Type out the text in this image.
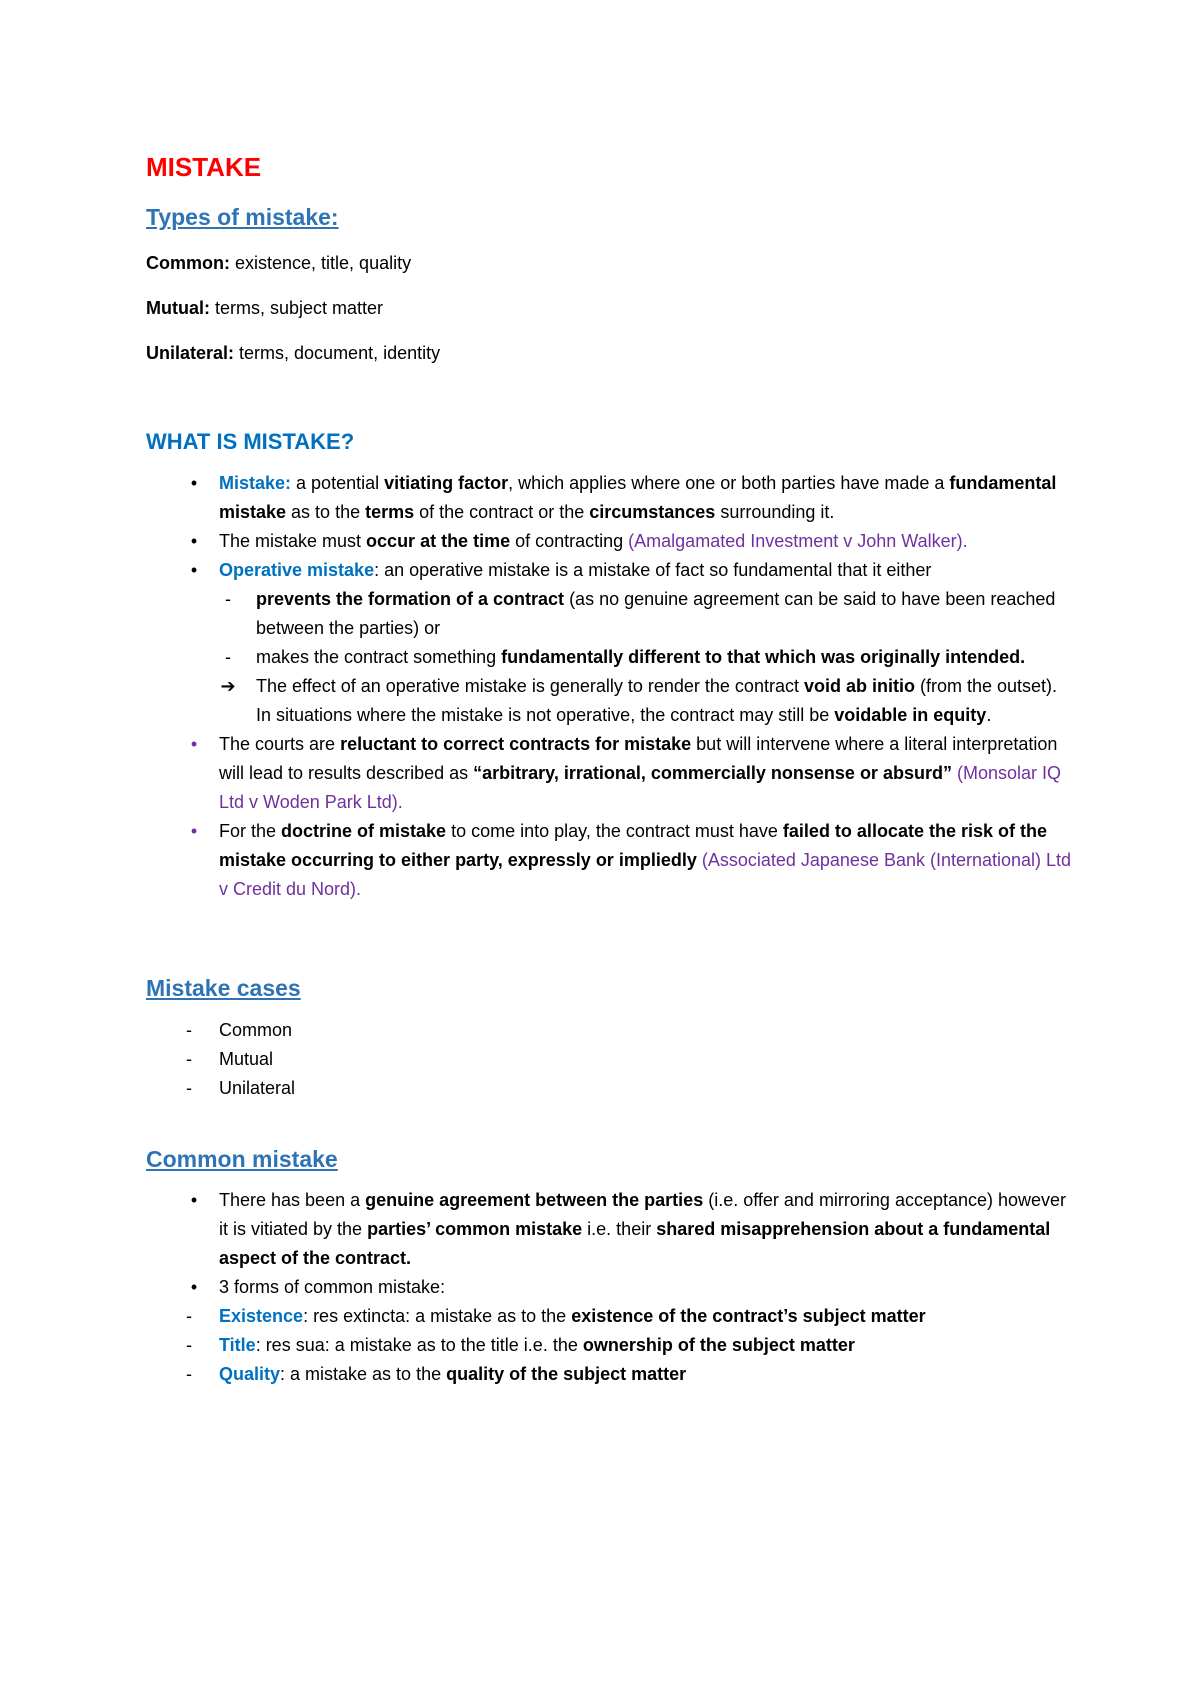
MISTAKE
Types of mistake:

Common: existence, title, quality

Mutual: terms, subject matter

Unilateral: terms, document, identity

WHAT IS MISTAKE?
•	Mistake: a potential vitiating factor, which applies where one or both parties have made a fundamental mistake as to the terms of the contract or the circumstances surrounding it.
•	The mistake must occur at the time of contracting (Amalgamated Investment v John Walker).
•	Operative mistake: an operative mistake is a mistake of fact so fundamental that it either
-	prevents the formation of a contract (as no genuine agreement can be said to have been reached between the parties) or
-	makes the contract something fundamentally different to that which was originally intended.
➔ The effect of an operative mistake is generally to render the contract void ab initio (from the outset). In situations where the mistake is not operative, the contract may still be voidable in equity.
•	The courts are reluctant to correct contracts for mistake but will intervene where a literal interpretation will lead to results described as “arbitrary, irrational, commercially nonsense or absurd” (Monsolar IQ Ltd v Woden Park Ltd).
•	For the doctrine of mistake to come into play, the contract must have failed to allocate the risk of the mistake occurring to either party, expressly or impliedly (Associated Japanese Bank (International) Ltd v Credit du Nord).
Mistake cases
-	Common
-	Mutual
-	Unilateral
Common mistake
•	There has been a genuine agreement between the parties (i.e. offer and mirroring acceptance) however it is vitiated by the parties’ common mistake i.e. their shared misapprehension about a fundamental aspect of the contract.
•	3 forms of common mistake:
-	Existence: res extincta: a mistake as to the existence of the contract’s subject matter
-	Title: res sua: a mistake as to the title i.e. the ownership of the subject matter
-	Quality: a mistake as to the quality of the subject matter
